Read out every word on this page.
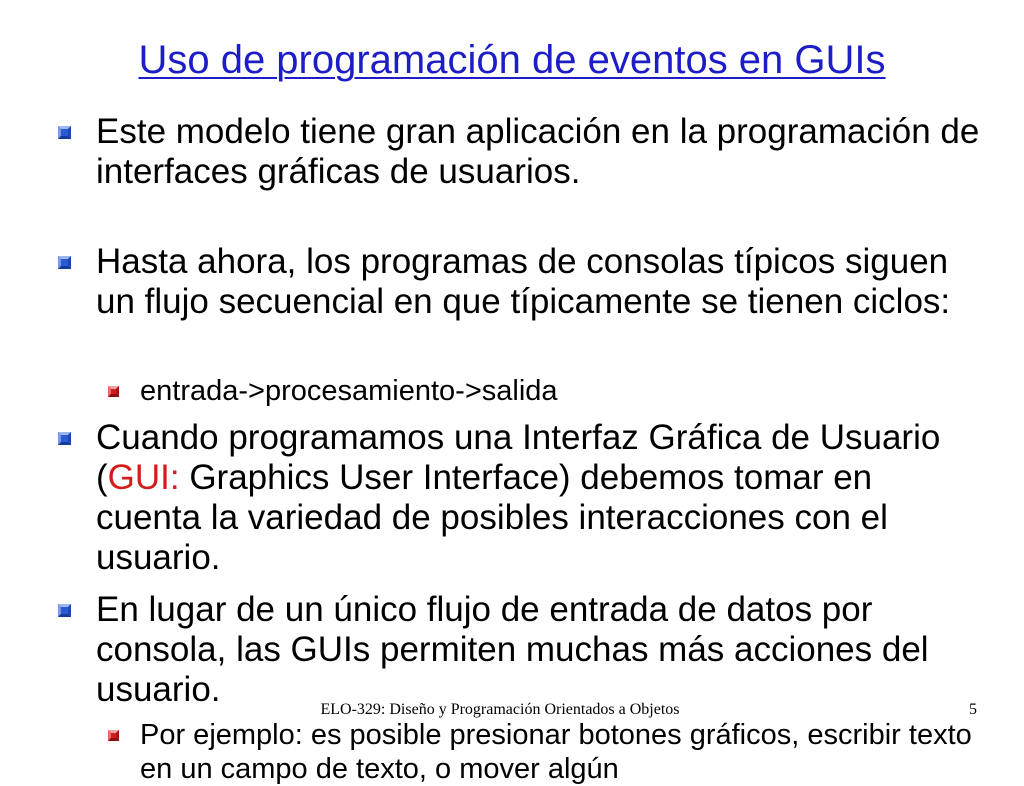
Uso de programación de eventos en GUIs
Este modelo tiene gran aplicación en la programación de interfaces gráficas de usuarios.
Hasta ahora, los programas de consolas típicos siguen un flujo secuencial en que típicamente se tienen ciclos:
entrada->procesamiento->salida
Cuando programamos una Interfaz Gráfica de Usuario (GUI: Graphics User Interface) debemos tomar en cuenta la variedad de posibles interacciones con el usuario.
En lugar de un único flujo de entrada de datos por consola, las GUIs permiten muchas más acciones del usuario.
Por ejemplo: es posible presionar botones gráficos, escribir texto en un campo de texto, o mover algún
ELO-329: Diseño y Programación Orientados a Objetos	5
